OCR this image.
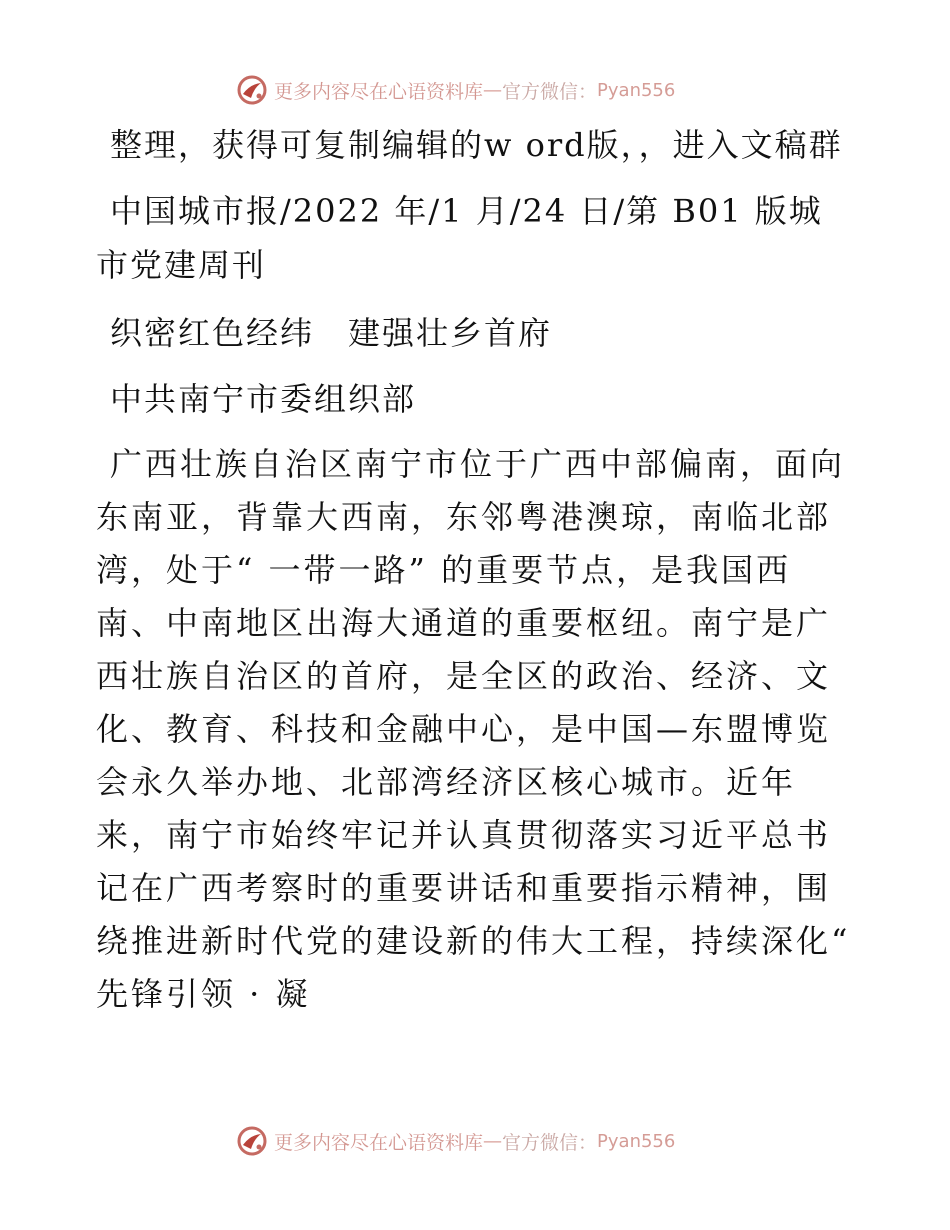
更多内容尽在心语资料库 — 官方微信： Pyan556

整理，获得可复制编辑的w ord版，，进入文稿群

中国城市报/2022 年/1 月/24 日/第 B01 版城市党建周刊

织密红色经纬　建强壮乡首府

中共南宁市委组织部

广西壮族自治区南宁市位于广西中部偏南，面向东南亚，背靠大西南，东邻粤港澳琼，南临北部湾，处于“ 一带一路” 的重要节点，是我国西南、中南地区出海大通道的重要枢纽。南宁是广西壮族自治区的首府，是全区的政治、经济、文化、教育、科技和金融中心，是中国—东盟博览会永久举办地、北部湾经济区核心城市。近年来，南宁市始终牢记并认真贯彻落实习近平总书记在广西考察时的重要讲话和重要指示精神，围绕推进新时代党的建设新的伟大工程，持续深化“ 先锋引领 · 凝

更多内容尽在心语资料库 — 官方微信： Pyan556
